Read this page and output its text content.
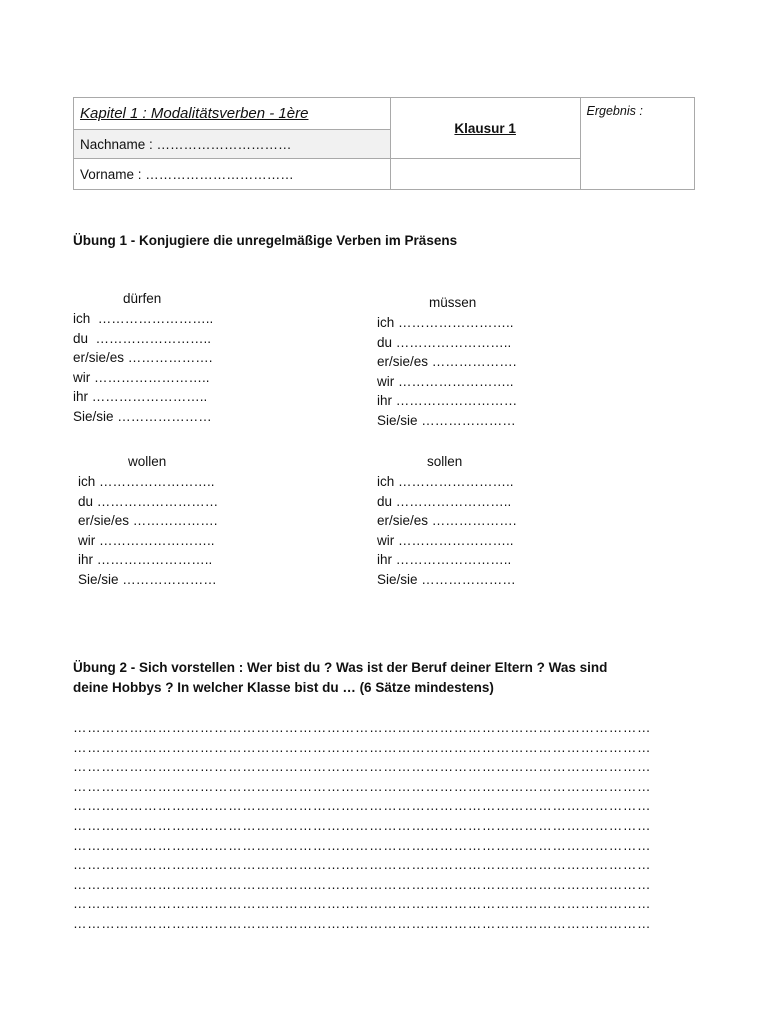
Kapitel 1 : Modalitätsverben - 1ère	Klausur 1	Ergebnis :
Nachname : …………………………		
Vorname : ……………………………		
Übung 1 - Konjugiere die unregelmäßige Verben im Präsens
dürfen
ich  ……………………..
du  ……………………..
er/sie/es ……………….
wir ……………………..
ihr ……………………..
Sie/sie …………………
müssen
ich ……………………..
du ……………………..
er/sie/es ……………….
wir ……………………..
ihr ………………………
Sie/sie …………………
wollen
ich ……………………..
du ………………………
er/sie/es ……………….
wir ……………………..
ihr ……………………..
Sie/sie …………………
sollen
ich ……………………..
du ……………………..
er/sie/es ……………….
wir ……………………..
ihr ……………………..
Sie/sie …………………
Übung 2 - Sich vorstellen : Wer bist du ? Was ist der Beruf deiner Eltern ? Was sind
deine Hobbys ? In welcher Klasse bist du … (6 Sätze mindestens)
……………………………………………………………………………………………………………
……………………………………………………………………………………………………………
……………………………………………………………………………………………………………
……………………………………………………………………………………………………………
……………………………………………………………………………………………………………
……………………………………………………………………………………………………………
……………………………………………………………………………………………………………
……………………………………………………………………………………………………………
……………………………………………………………………………………………………………
……………………………………………………………………………………………………………
……………………………………………………………………………………………………………
